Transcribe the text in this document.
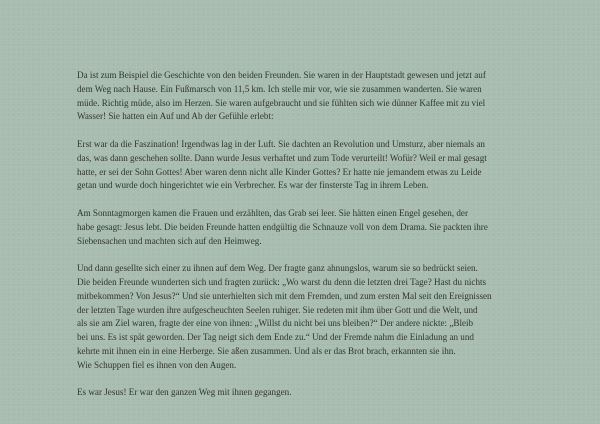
Da ist zum Beispiel die Geschichte von den beiden Freunden. Sie waren in der Hauptstadt gewesen und jetzt auf
dem Weg nach Hause. Ein Fußmarsch von 11,5 km. Ich stelle mir vor, wie sie zusammen wanderten. Sie waren
müde. Richtig müde, also im Herzen. Sie waren aufgebraucht und sie fühlten sich wie dünner Kaffee mit zu viel
Wasser! Sie hatten ein Auf und Ab der Gefühle erlebt:

Erst war da die Faszination! Irgendwas lag in der Luft. Sie dachten an Revolution und Umsturz, aber niemals an
das, was dann geschehen sollte. Dann wurde Jesus verhaftet und zum Tode verurteilt! Wofür? Weil er mal gesagt
hatte, er sei der Sohn Gottes! Aber waren denn nicht alle Kinder Gottes? Er hatte nie jemandem etwas zu Leide
getan und wurde doch hingerichtet wie ein Verbrecher. Es war der finsterste Tag in ihrem Leben.

Am Sonntagmorgen kamen die Frauen und erzählten, das Grab sei leer. Sie hätten einen Engel gesehen, der
habe gesagt: Jesus lebt. Die beiden Freunde hatten endgültig die Schnauze voll von dem Drama. Sie packten ihre
Siebensachen und machten sich auf den Heimweg.

Und dann gesellte sich einer zu ihnen auf dem Weg. Der fragte ganz ahnungslos, warum sie so bedrückt seien.
Die beiden Freunde wunderten sich und fragten zurück: „Wo warst du denn die letzten drei Tage? Hast du nichts
mitbekommen? Von Jesus?“ Und sie unterhielten sich mit dem Fremden, und zum ersten Mal seit den Ereignissen
der letzten Tage wurden ihre aufgescheuchten Seelen ruhiger. Sie redeten mit ihm über Gott und die Welt, und
als sie am Ziel waren, fragte der eine von ihnen: „Willst du nicht bei uns bleiben?“ Der andere nickte: „Bleib
bei uns. Es ist spät geworden. Der Tag neigt sich dem Ende zu.“ Und der Fremde nahm die Einladung an und
kehrte mit ihnen ein in eine Herberge. Sie aßen zusammen. Und als er das Brot brach, erkannten sie ihn.
Wie Schuppen fiel es ihnen von den Augen.

Es war Jesus! Er war den ganzen Weg mit ihnen gegangen.
